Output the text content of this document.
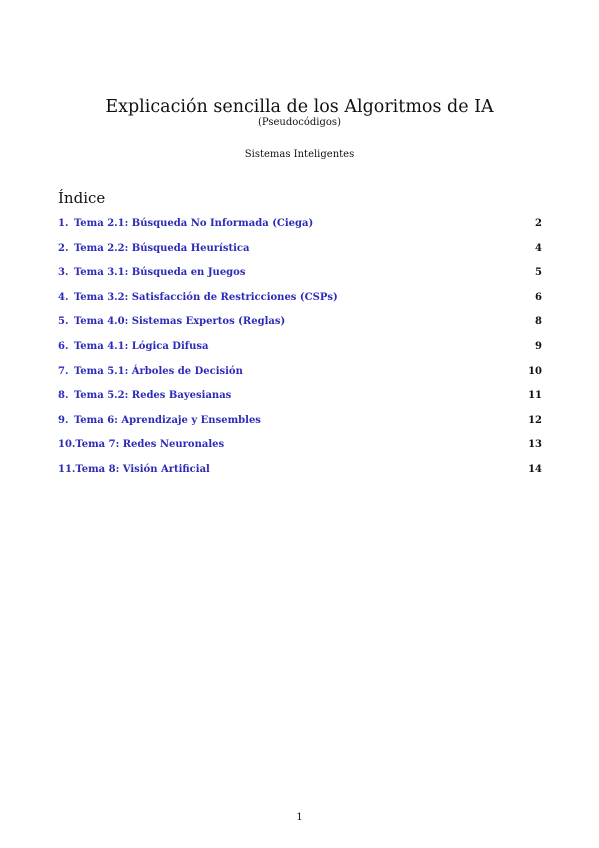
Explicación sencilla de los Algoritmos de IA
(Pseudocódigos)
Sistemas Inteligentes
Índice
1. Tema 2.1: Búsqueda No Informada (Ciega)	2
2. Tema 2.2: Búsqueda Heurística	4
3. Tema 3.1: Búsqueda en Juegos	5
4. Tema 3.2: Satisfacción de Restricciones (CSPs)	6
5. Tema 4.0: Sistemas Expertos (Reglas)	8
6. Tema 4.1: Lógica Difusa	9
7. Tema 5.1: Árboles de Decisión	10
8. Tema 5.2: Redes Bayesianas	11
9. Tema 6: Aprendizaje y Ensembles	12
10. Tema 7: Redes Neuronales	13
11. Tema 8: Visión Artificial	14
1
